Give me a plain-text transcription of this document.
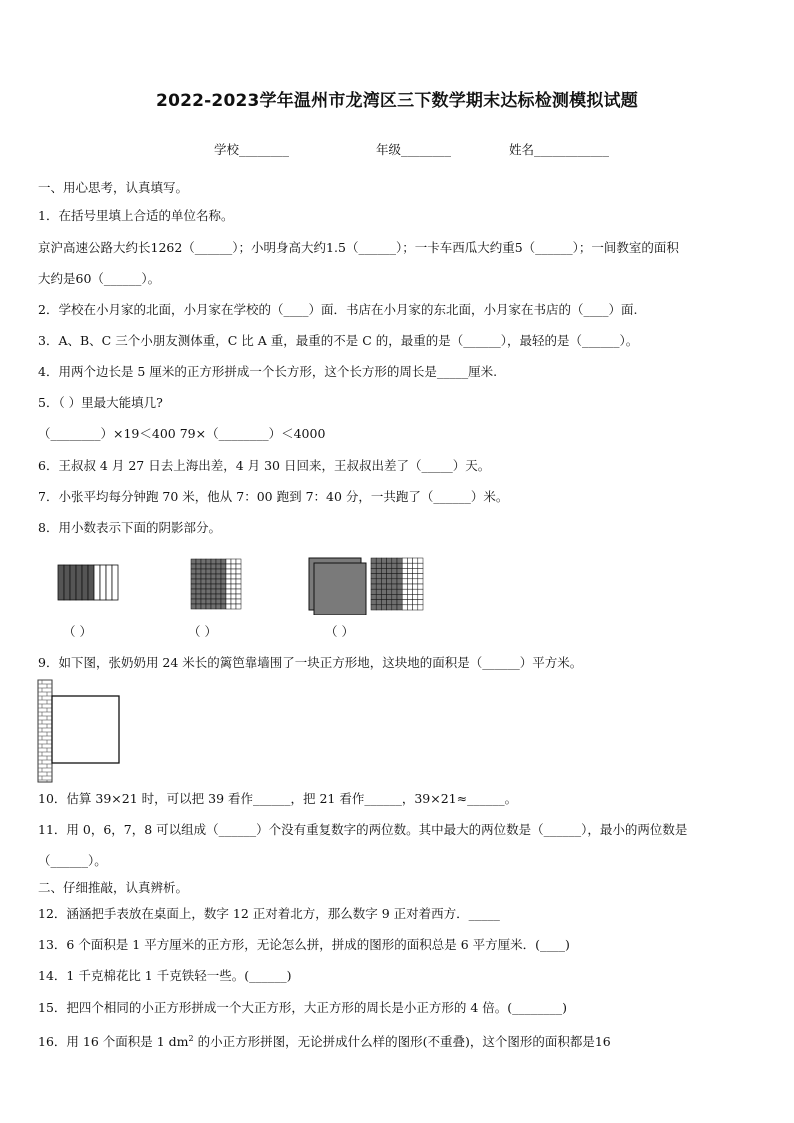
2022-2023学年温州市龙湾区三下数学期末达标检测模拟试题
学校________	年级________	姓名____________
一、用心思考，认真填写。
1．在括号里填上合适的单位名称。
京沪高速公路大约长1262（______）；小明身高大约1.5（______）；一卡车西瓜大约重5（______）；一间教室的面积
大约是60（______）。
2．学校在小月家的北面，小月家在学校的（____）面．书店在小月家的东北面，小月家在书店的（____）面.
3．A、B、C 三个小朋友测体重，C 比 A 重，最重的不是 C 的，最重的是（______），最轻的是（______）。
4．用两个边长是 5 厘米的正方形拼成一个长方形，这个长方形的周长是_____厘米.
5．（ ）里最大能填几?
（________）×19＜400 79×（________）＜4000
6．王叔叔 4 月 27 日去上海出差，4 月 30 日回来，王叔叔出差了（_____）天。
7．小张平均每分钟跑 70 米，他从 7：00 跑到 7：40 分，一共跑了（______）米。
8．用小数表示下面的阴影部分。
（ ）	（ ）	（ ）
9．如下图，张奶奶用 24 米长的篱笆靠墙围了一块正方形地，这块地的面积是（______）平方米。
10．估算 39×21 时，可以把 39 看作______，把 21 看作______，39×21≈______。
11．用 0，6，7，8 可以组成（______）个没有重复数字的两位数。其中最大的两位数是（______），最小的两位数是
（______）。
二、仔细推敲，认真辨析。
12．涵涵把手表放在桌面上，数字 12 正对着北方，那么数字 9 正对着西方．_____
13．6 个面积是 1 平方厘米的正方形，无论怎么拼，拼成的图形的面积总是 6 平方厘米．(____)
14．1 千克棉花比 1 千克铁轻一些。(______)
15．把四个相同的小正方形拼成一个大正方形，大正方形的周长是小正方形的 4 倍。(________)
16．用 16 个面积是 1 $dm^2$ 的小正方形拼图，无论拼成什么样的图形(不重叠)，这个图形的面积都是16
